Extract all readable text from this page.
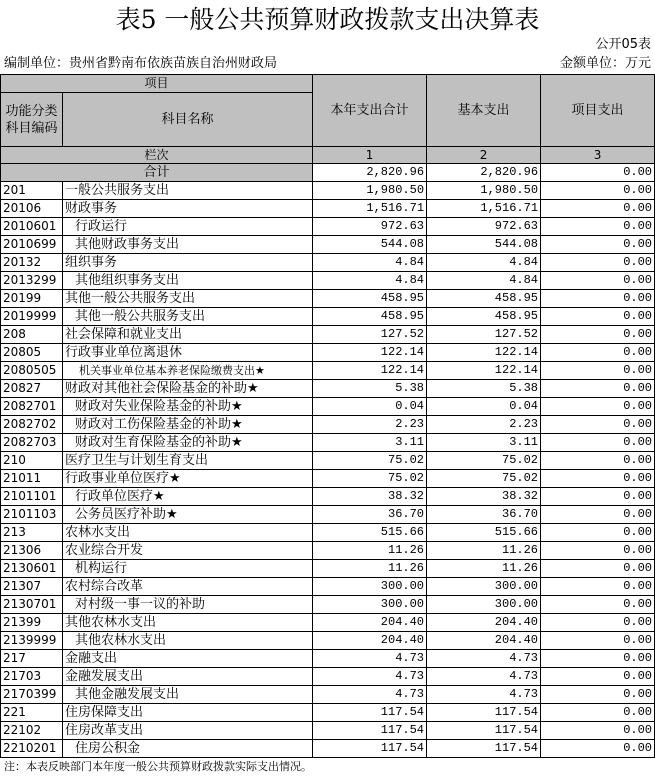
表5 一般公共预算财政拨款支出决算表
公开05表
编制单位：贵州省黔南布依族苗族自治州财政局	金额单位：万元
项目		本年支出合计	基本支出	项目支出
功能分类科目编码	科目名称			
栏次		1	2	3
合计		2,820.96	2,820.96	0.00
201	一般公共服务支出	1,980.50	1,980.50	0.00
20106	财政事务	1,516.71	1,516.71	0.00
2010601	行政运行	972.63	972.63	0.00
2010699	其他财政事务支出	544.08	544.08	0.00
20132	组织事务	4.84	4.84	0.00
2013299	其他组织事务支出	4.84	4.84	0.00
20199	其他一般公共服务支出	458.95	458.95	0.00
2019999	其他一般公共服务支出	458.95	458.95	0.00
208	社会保障和就业支出	127.52	127.52	0.00
20805	行政事业单位离退休	122.14	122.14	0.00
2080505	机关事业单位基本养老保险缴费支出★	122.14	122.14	0.00
20827	财政对其他社会保险基金的补助★	5.38	5.38	0.00
2082701	财政对失业保险基金的补助★	0.04	0.04	0.00
2082702	财政对工伤保险基金的补助★	2.23	2.23	0.00
2082703	财政对生育保险基金的补助★	3.11	3.11	0.00
210	医疗卫生与计划生育支出	75.02	75.02	0.00
21011	行政事业单位医疗★	75.02	75.02	0.00
2101101	行政单位医疗★	38.32	38.32	0.00
2101103	公务员医疗补助★	36.70	36.70	0.00
213	农林水支出	515.66	515.66	0.00
21306	农业综合开发	11.26	11.26	0.00
2130601	机构运行	11.26	11.26	0.00
21307	农村综合改革	300.00	300.00	0.00
2130701	对村级一事一议的补助	300.00	300.00	0.00
21399	其他农林水支出	204.40	204.40	0.00
2139999	其他农林水支出	204.40	204.40	0.00
217	金融支出	4.73	4.73	0.00
21703	金融发展支出	4.73	4.73	0.00
2170399	其他金融发展支出	4.73	4.73	0.00
221	住房保障支出	117.54	117.54	0.00
22102	住房改革支出	117.54	117.54	0.00
2210201	住房公积金	117.54	117.54	0.00
注：本表反映部门本年度一般公共预算财政拨款实际支出情况。
